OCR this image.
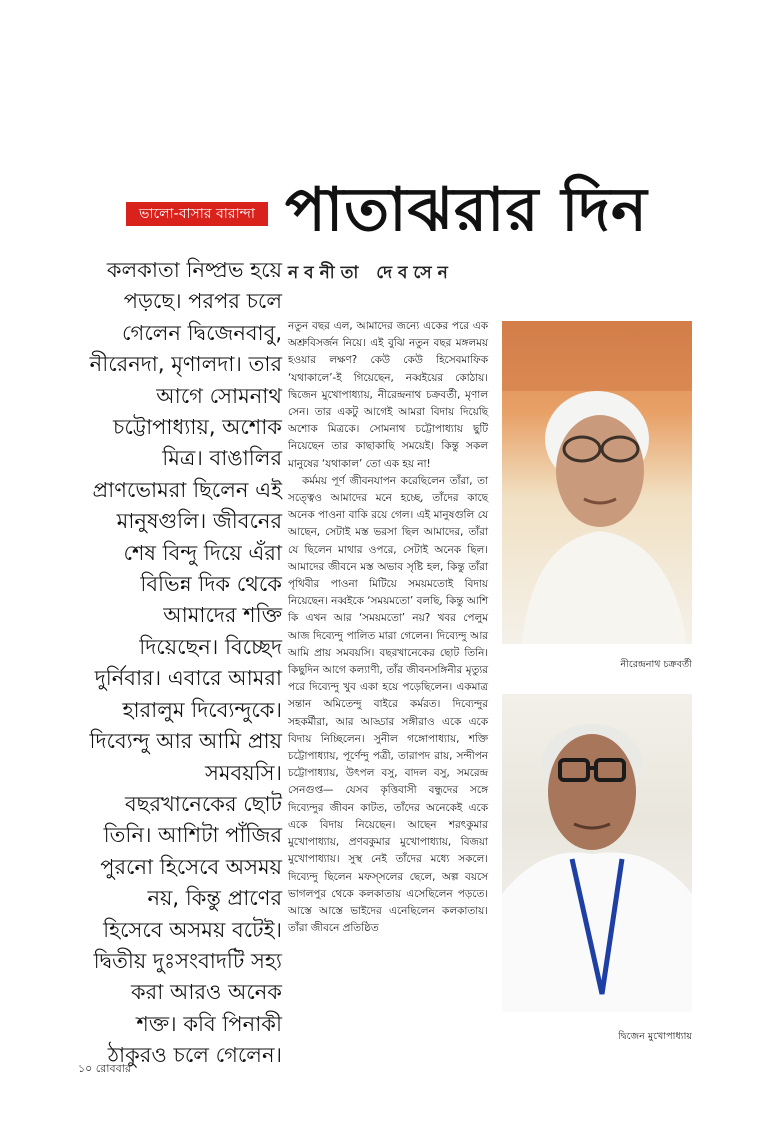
ভালো-বাসার বারান্দা পাতাঝরার দিন
নবনীতা দেবসেন

কলকাতা নিষ্প্রভ হয়ে

পড়ছে। পরপর চলে

গেলেন দ্বিজেনবাবু,

নীরেনদা, মৃণালদা। তার

আগে সোমনাথ

চট্টোপাধ্যায়, অশোক

মিত্র। বাঙালির

প্রাণভোমরা ছিলেন এই

মানুষগুলি। জীবনের

শেষ বিন্দু দিয়ে এঁরা

বিভিন্ন দিক থেকে

আমাদের শক্তি

দিয়েছেন। বিচ্ছেদ

দুর্নিবার। এবারে আমরা

হারালুম দিব্যেন্দুকে।

দিব্যেন্দু আর আমি প্রায়

সমবয়সি।

বছরখানেকের ছোট

তিনি। আশিটা পাঁজির

পুরনো হিসেবে অসময়

নয়, কিন্তু প্রাণের

হিসেবে অসময় বটেই।

দ্বিতীয় দুঃসংবাদটি সহ্য

করা আরও অনেক

শক্ত। কবি পিনাকী

ঠাকুরও চলে গেলেন।

নতুন বছর এল, আমাদের জন্যে একের পরে এক অশ্রুবিসর্জন নিয়ে। এই বুঝি নতুন বছর মঙ্গলময় হওয়ার লক্ষণ? কেউ কেউ হিসেবমাফিক ‘যথাকালে’-ই গিয়েছেন, নব্বইয়ের কোঠায়। দ্বিজেন মুখোপাধ্যায়, নীরেন্দ্রনাথ চক্রবর্তী, মৃণাল সেন। তার একটু আগেই আমরা বিদায় দিয়েছি অশোক মিত্রকে। সোমনাথ চট্টোপাধ্যায় ছুটি নিয়েছেন তার কাছাকাছি সময়েই। কিন্তু সকল মানুষের ‘যথাকাল’ তো এক হয় না!

কর্মময় পূর্ণ জীবনযাপন করেছিলেন তাঁরা, তা সত্ত্বেও আমাদের মনে হচ্ছে, তাঁদের কাছে অনেক পাওনা বাকি রয়ে গেল। এই মানুষগুলি যে আছেন, সেটাই মস্ত ভরসা ছিল আমাদের, তাঁরা যে ছিলেন মাথার ওপরে, সেটাই অনেক ছিল। আমাদের জীবনে মস্ত অভাব সৃষ্টি হল, কিন্তু তাঁরা পৃথিবীর পাওনা মিটিয়ে সময়মতোই বিদায় নিয়েছেন। নব্বইকে ‘সময়মতো’ বলছি, কিন্তু আশি কি এখন আর ‘সময়মতো’ নয়? খবর পেলুম আজ দিব্যেন্দু পালিত মারা গেলেন। দিব্যেন্দু আর আমি প্রায় সমবয়সি। বছরখানেকের ছোট তিনি। কিছুদিন আগে কল্যাণী, তাঁর জীবনসঙ্গিনীর মৃত্যুর পরে দিব্যেন্দু খুব একা হয়ে পড়েছিলেন। একমাত্র সন্তান অমিতেন্দু বাইরে কর্মরত। দিব্যেন্দুর সহকর্মীরা, আর আড্ডার সঙ্গীরাও একে একে বিদায় নিচ্ছিলেন। সুনীল গঙ্গোপাধ্যায়, শক্তি চট্টোপাধ্যায়, পূর্ণেন্দু পত্রী, তারাপদ রায়, সন্দীপন চট্টোপাধ্যায়, উৎপল বসু, বাদল বসু, সমরেন্দ্র সেনগুপ্ত— যেসব কৃত্তিবাসী বন্ধুদের সঙ্গে দিব্যেন্দুর জীবন কাটত, তাঁদের অনেকেই একে একে বিদায় নিয়েছেন। আছেন শরৎকুমার মুখোপাধ্যায়, প্রণবকুমার মুখোপাধ্যায়, বিজয়া মুখোপাধ্যায়। সুস্থ নেই তাঁদের মধ্যে সকলে। দিব্যেন্দু ছিলেন মফস্সলের ছেলে, অল্প বয়সে ভাগলপুর থেকে কলকাতায় এসেছিলেন পড়তে। আস্তে আস্তে ভাইদের এনেছিলেন কলকাতায়। তাঁরা জীবনে প্রতিষ্ঠিত

নীরেন্দ্রনাথ চক্রবর্তী
দ্বিজেন মুখোপাধ্যায়
১০ রোববার
